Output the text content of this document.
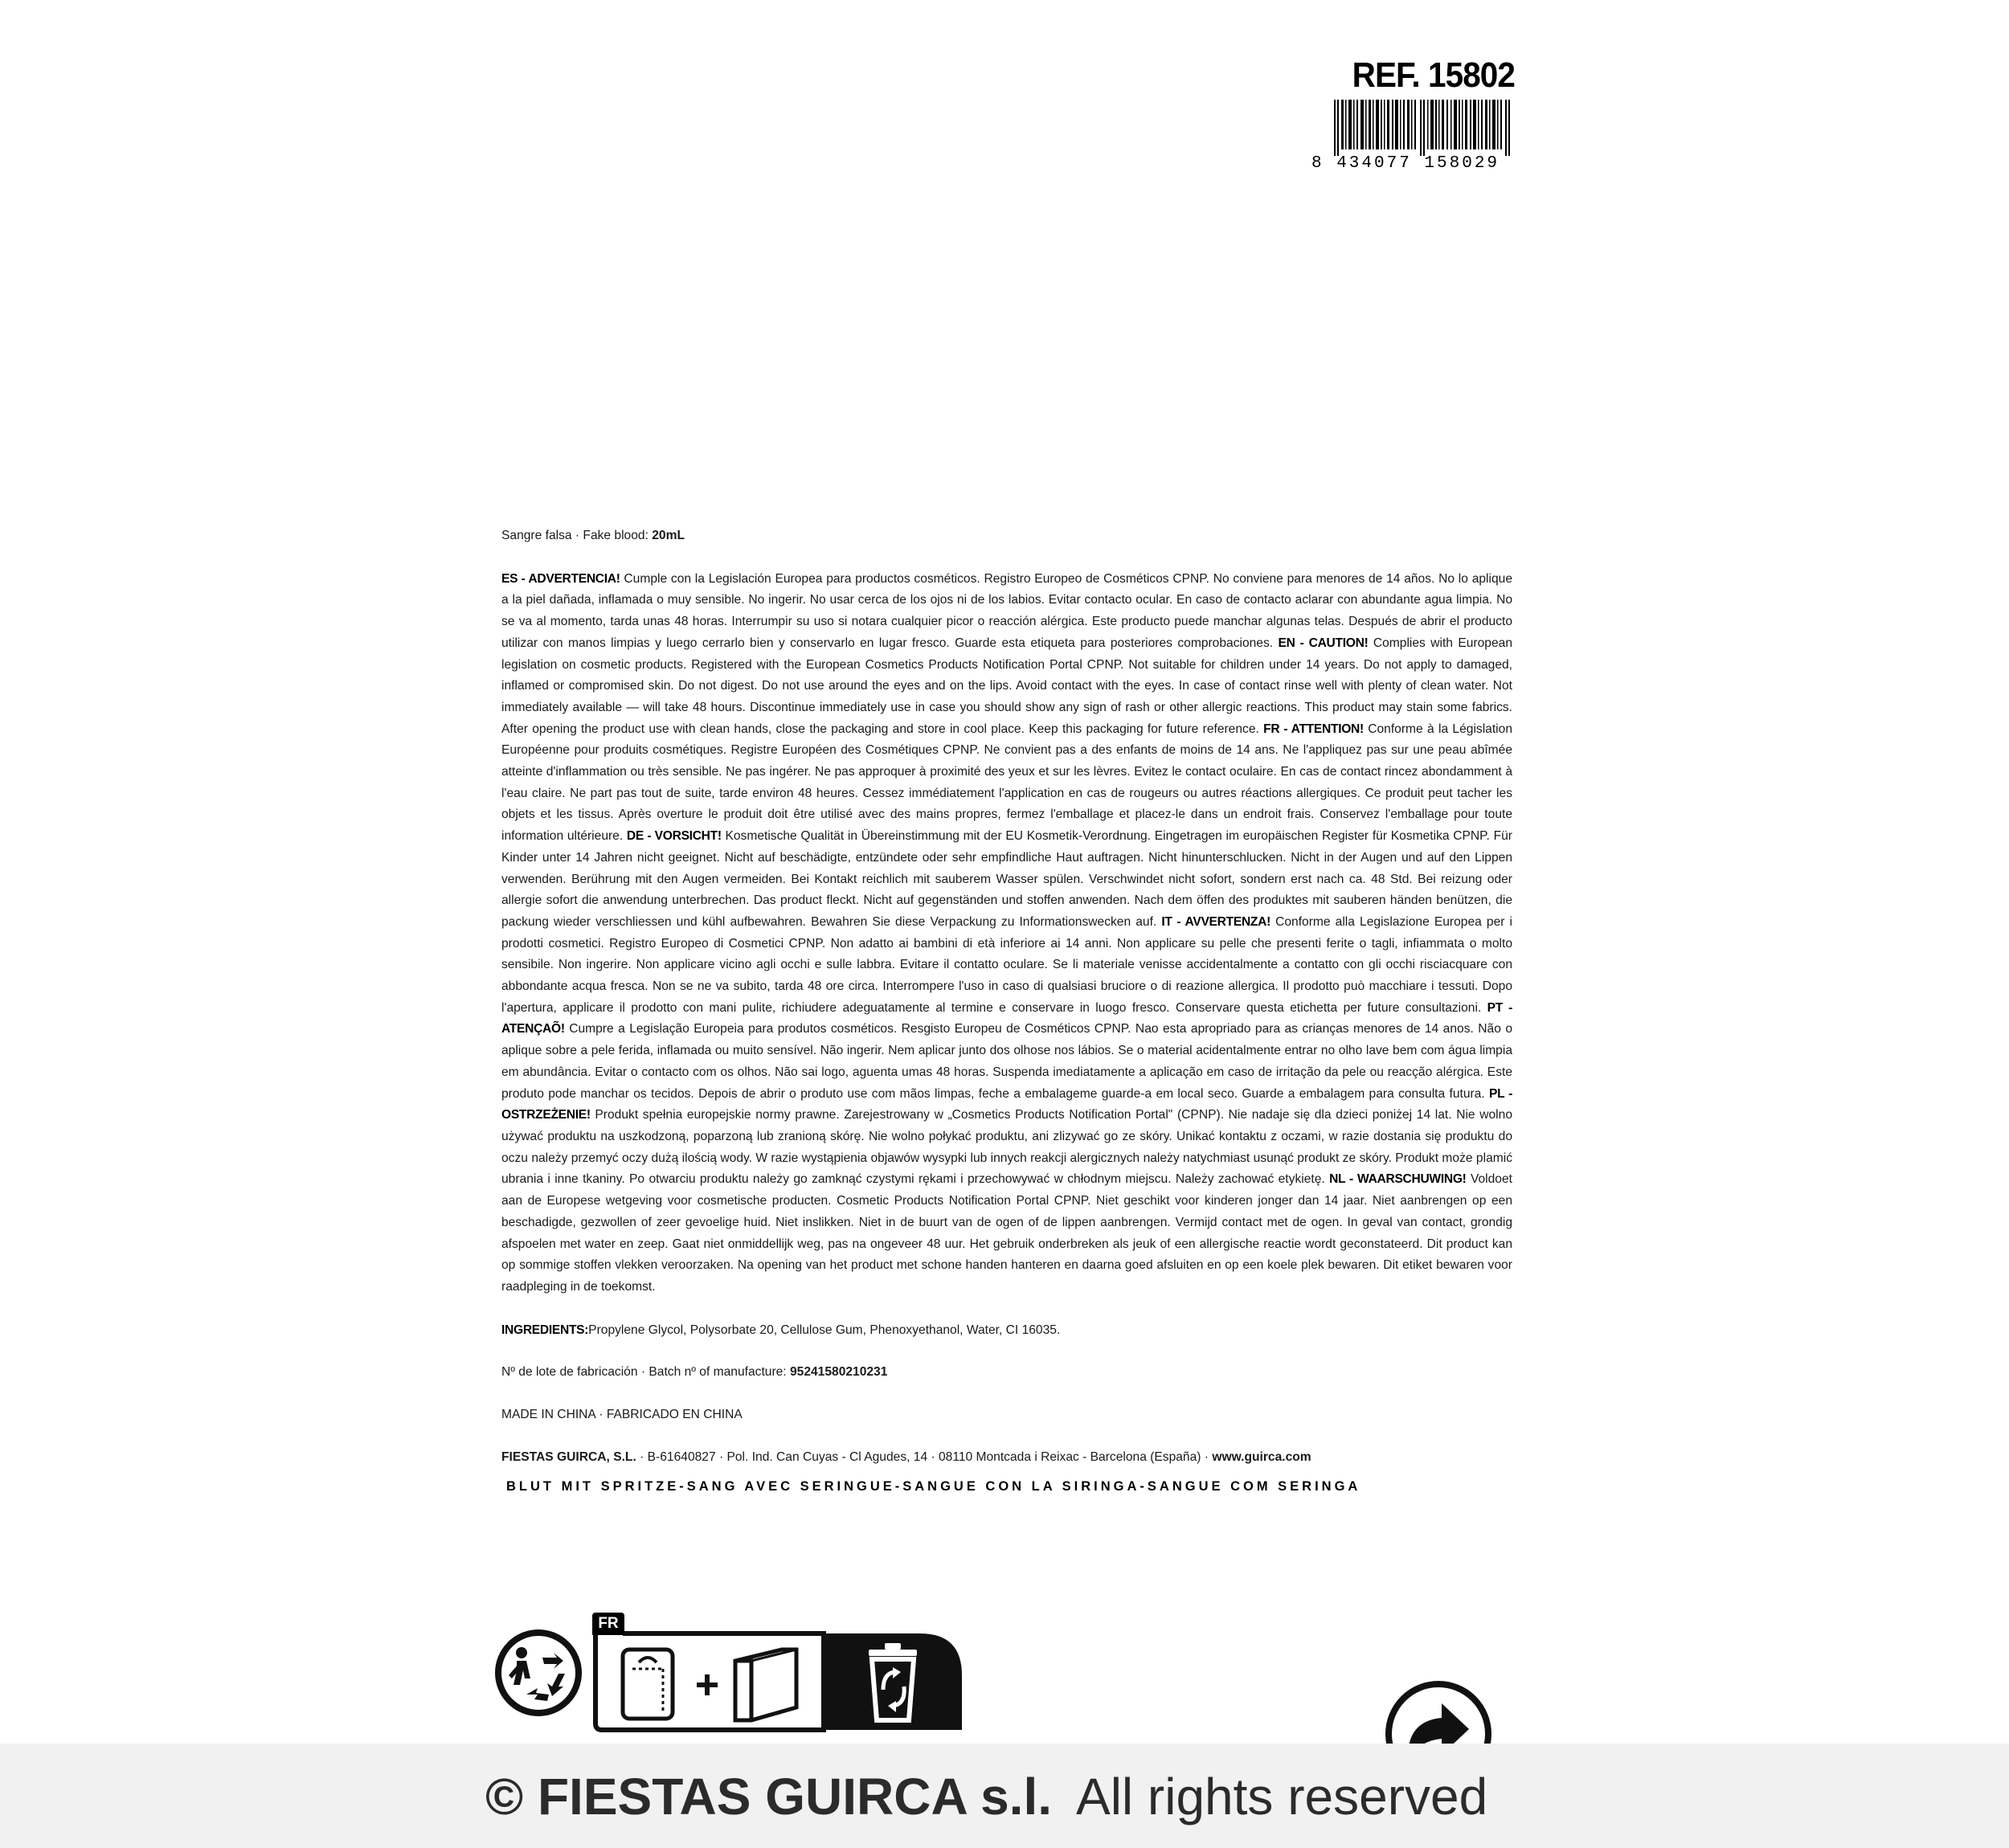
REF. 15802
8 434077 158029

Sangre falsa · Fake blood: 20mL

ES - ADVERTENCIA! Cumple con la Legislación Europea para productos cosméticos. Registro Europeo de Cosméticos CPNP. No conviene para menores de 14 años. No lo aplique a la piel dañada, inflamada o muy sensible. No ingerir. No usar cerca de los ojos ni de los labios. Evitar contacto ocular. En caso de contacto aclarar con abundante agua limpia. No se va al momento, tarda unas 48 horas. Interrumpir su uso si notara cualquier picor o reacción alérgica. Este producto puede manchar algunas telas. Después de abrir el producto utilizar con manos limpias y luego cerrarlo bien y conservarlo en lugar fresco. Guarde esta etiqueta para posteriores comprobaciones. EN - CAUTION! Complies with European legislation on cosmetic products. Registered with the European Cosmetics Products Notification Portal CPNP. Not suitable for children under 14 years. Do not apply to damaged, inflamed or compromised skin. Do not digest. Do not use around the eyes and on the lips. Avoid contact with the eyes. In case of contact rinse well with plenty of clean water. Not immediately available — will take 48 hours. Discontinue immediately use in case you should show any sign of rash or other allergic reactions. This product may stain some fabrics. After opening the product use with clean hands, close the packaging and store in cool place. Keep this packaging for future reference. FR - ATTENTION! Conforme à la Législation Européenne pour produits cosmétiques. Registre Européen des Cosmétiques CPNP. Ne convient pas a des enfants de moins de 14 ans. Ne l'appliquez pas sur une peau abîmée atteinte d'inflammation ou très sensible. Ne pas ingérer. Ne pas approquer à proximité des yeux et sur les lèvres. Evitez le contact oculaire. En cas de contact rincez abondamment à l'eau claire. Ne part pas tout de suite, tarde environ 48 heures. Cessez immédiatement l'application en cas de rougeurs ou autres réactions allergiques. Ce produit peut tacher les objets et les tissus. Après overture le produit doit être utilisé avec des mains propres, fermez l'emballage et placez-le dans un endroit frais. Conservez l'emballage pour toute information ultérieure. DE - VORSICHT! Kosmetische Qualität in Übereinstimmung mit der EU Kosmetik-Verordnung. Eingetragen im europäischen Register für Kosmetika CPNP. Für Kinder unter 14 Jahren nicht geeignet. Nicht auf beschädigte, entzündete oder sehr empfindliche Haut auftragen. Nicht hinunterschlucken. Nicht in der Augen und auf den Lippen verwenden. Berührung mit den Augen vermeiden. Bei Kontakt reichlich mit sauberem Wasser spülen. Verschwindet nicht sofort, sondern erst nach ca. 48 Std. Bei reizung oder allergie sofort die anwendung unterbrechen. Das product fleckt. Nicht auf gegenständen und stoffen anwenden. Nach dem öffen des produktes mit sauberen händen benützen, die packung wieder verschliessen und kühl aufbewahren. Bewahren Sie diese Verpackung zu Informationswecken auf. IT - AVVERTENZA! Conforme alla Legislazione Europea per i prodotti cosmetici. Registro Europeo di Cosmetici CPNP. Non adatto ai bambini di età inferiore ai 14 anni. Non applicare su pelle che presenti ferite o tagli, infiammata o molto sensibile. Non ingerire. Non applicare vicino agli occhi e sulle labbra. Evitare il contatto oculare. Se li materiale venisse accidentalmente a contatto con gli occhi risciacquare con abbondante acqua fresca. Non se ne va subito, tarda 48 ore circa. Interrompere l'uso in caso di qualsiasi bruciore o di reazione allergica. Il prodotto può macchiare i tessuti. Dopo l'apertura, applicare il prodotto con mani pulite, richiudere adeguatamente al termine e conservare in luogo fresco. Conservare questa etichetta per future consultazioni. PT - ATENÇAÕ! Cumpre a Legislação Europeia para produtos cosméticos. Resgisto Europeu de Cosméticos CPNP. Nao esta apropriado para as crianças menores de 14 anos. Não o aplique sobre a pele ferida, inflamada ou muito sensível. Não ingerir. Nem aplicar junto dos olhose nos lábios. Se o material acidentalmente entrar no olho lave bem com água limpia em abundância. Evitar o contacto com os olhos. Não sai logo, aguenta umas 48 horas. Suspenda imediatamente a aplicação em caso de irritação da pele ou reacção alérgica. Este produto pode manchar os tecidos. Depois de abrir o produto use com mãos limpas, feche a embalageme guarde-a em local seco. Guarde a embalagem para consulta futura. PL - OSTRZEŻENIE! Produkt spełnia europejskie normy prawne. Zarejestrowany w „Cosmetics Products Notification Portal" (CPNP). Nie nadaje się dla dzieci poniżej 14 lat. Nie wolno używać produktu na uszkodzoną, poparzoną lub zranioną skórę. Nie wolno połykać produktu, ani zlizywać go ze skóry. Unikać kontaktu z oczami, w razie dostania się produktu do oczu należy przemyć oczy dużą ilością wody. W razie wystąpienia objawów wysypki lub innych reakcji alergicznych należy natychmiast usunąć produkt ze skóry. Produkt może plamić ubrania i inne tkaniny. Po otwarciu produktu należy go zamknąć czystymi rękami i przechowywać w chłodnym miejscu. Należy zachować etykietę. NL - WAARSCHUWING! Voldoet aan de Europese wetgeving voor cosmetische producten. Cosmetic Products Notification Portal CPNP. Niet geschikt voor kinderen jonger dan 14 jaar. Niet aanbrengen op een beschadigde, gezwollen of zeer gevoelige huid. Niet inslikken. Niet in de buurt van de ogen of de lippen aanbrengen. Vermijd contact met de ogen. In geval van contact, grondig afspoelen met water en zeep. Gaat niet onmiddellijk weg, pas na ongeveer 48 uur. Het gebruik onderbreken als jeuk of een allergische reactie wordt geconstateerd. Dit product kan op sommige stoffen vlekken veroorzaken. Na opening van het product met schone handen hanteren en daarna goed afsluiten en op een koele plek bewaren. Dit etiket bewaren voor raadpleging in de toekomst.

INGREDIENTS:Propylene Glycol, Polysorbate 20, Cellulose Gum, Phenoxyethanol, Water, CI 16035.

Nº de lote de fabricación · Batch nº of manufacture: 95241580210231

MADE IN CHINA · FABRICADO EN CHINA

FIESTAS GUIRCA, S.L. · B-61640827 · Pol. Ind. Can Cuyas - Cl Agudes, 14 · 08110 Montcada i Reixac - Barcelona (España) · www.guirca.com

BLUT MIT SPRITZE-SANG AVEC SERINGUE-SANGUE CON LA SIRINGA-SANGUE COM SERINGA
FR
© FIESTAS GUIRCA s.l. All rights reserved
